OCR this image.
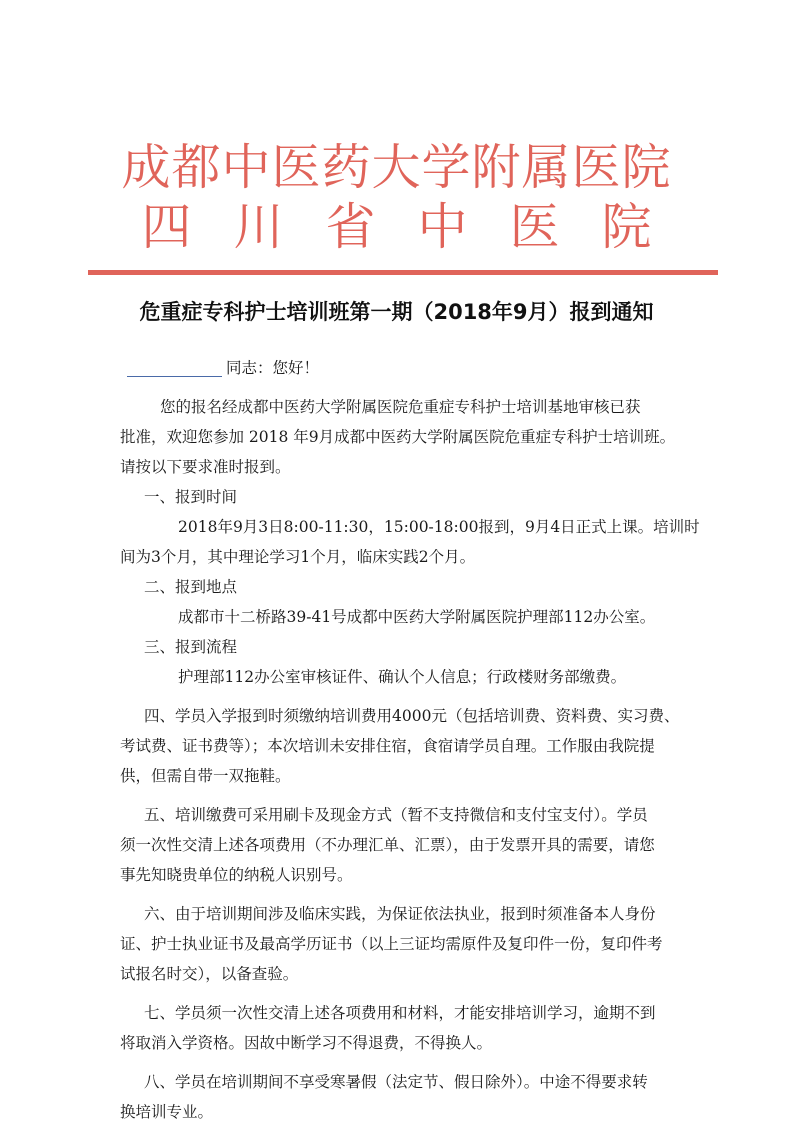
成都中医药大学附属医院
四川省中医院
危重症专科护士培训班第一期（2018年9月）报到通知
同志：您好！
您的报名经成都中医药大学附属医院危重症专科护士培训基地审核已获
批准，欢迎您参加 2018 年9月成都中医药大学附属医院危重症专科护士培训班。
请按以下要求准时报到。
一、报到时间
2018年9月3日8:00-11:30，15:00-18:00报到，9月4日正式上课。培训时
间为3个月，其中理论学习1个月，临床实践2个月。
二、报到地点
成都市十二桥路39-41号成都中医药大学附属医院护理部112办公室。
三、报到流程
护理部112办公室审核证件、确认个人信息；行政楼财务部缴费。
四、学员入学报到时须缴纳培训费用4000元（包括培训费、资料费、实习费、
考试费、证书费等）；本次培训未安排住宿，食宿请学员自理。工作服由我院提
供，但需自带一双拖鞋。
五、培训缴费可采用刷卡及现金方式（暂不支持微信和支付宝支付）。学员
须一次性交清上述各项费用（不办理汇单、汇票），由于发票开具的需要，请您
事先知晓贵单位的纳税人识别号。
六、由于培训期间涉及临床实践，为保证依法执业，报到时须准备本人身份
证、护士执业证书及最高学历证书（以上三证均需原件及复印件一份，复印件考
试报名时交），以备查验。
七、学员须一次性交清上述各项费用和材料，才能安排培训学习，逾期不到
将取消入学资格。因故中断学习不得退费，不得换人。
八、学员在培训期间不享受寒暑假（法定节、假日除外）。中途不得要求转
换培训专业。
